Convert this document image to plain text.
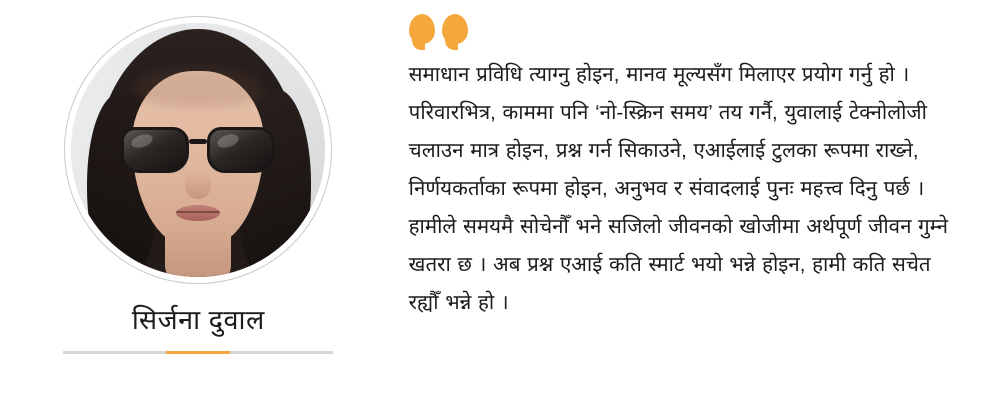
सिर्जना दुवाल
समाधान प्रविधि त्याग्नु होइन, मानव मूल्यसँग मिलाएर प्रयोग गर्नु हो । परिवारभित्र, काममा पनि ‘नो-स्क्रिन समय’ तय गर्नै, युवालाई टेक्नोलोजी चलाउन मात्र होइन, प्रश्न गर्न सिकाउने, एआईलाई टुलका रूपमा राख्ने, निर्णयकर्ताका रूपमा होइन, अनुभव र संवादलाई पुनः महत्त्व दिनु पर्छ । हामीले समयमै सोचेनौँ भने सजिलो जीवनको खोजीमा अर्थपूर्ण जीवन गुम्ने खतरा छ । अब प्रश्न एआई कति स्मार्ट भयो भन्ने होइन, हामी कति सचेत रह्यौँ भन्ने हो ।
